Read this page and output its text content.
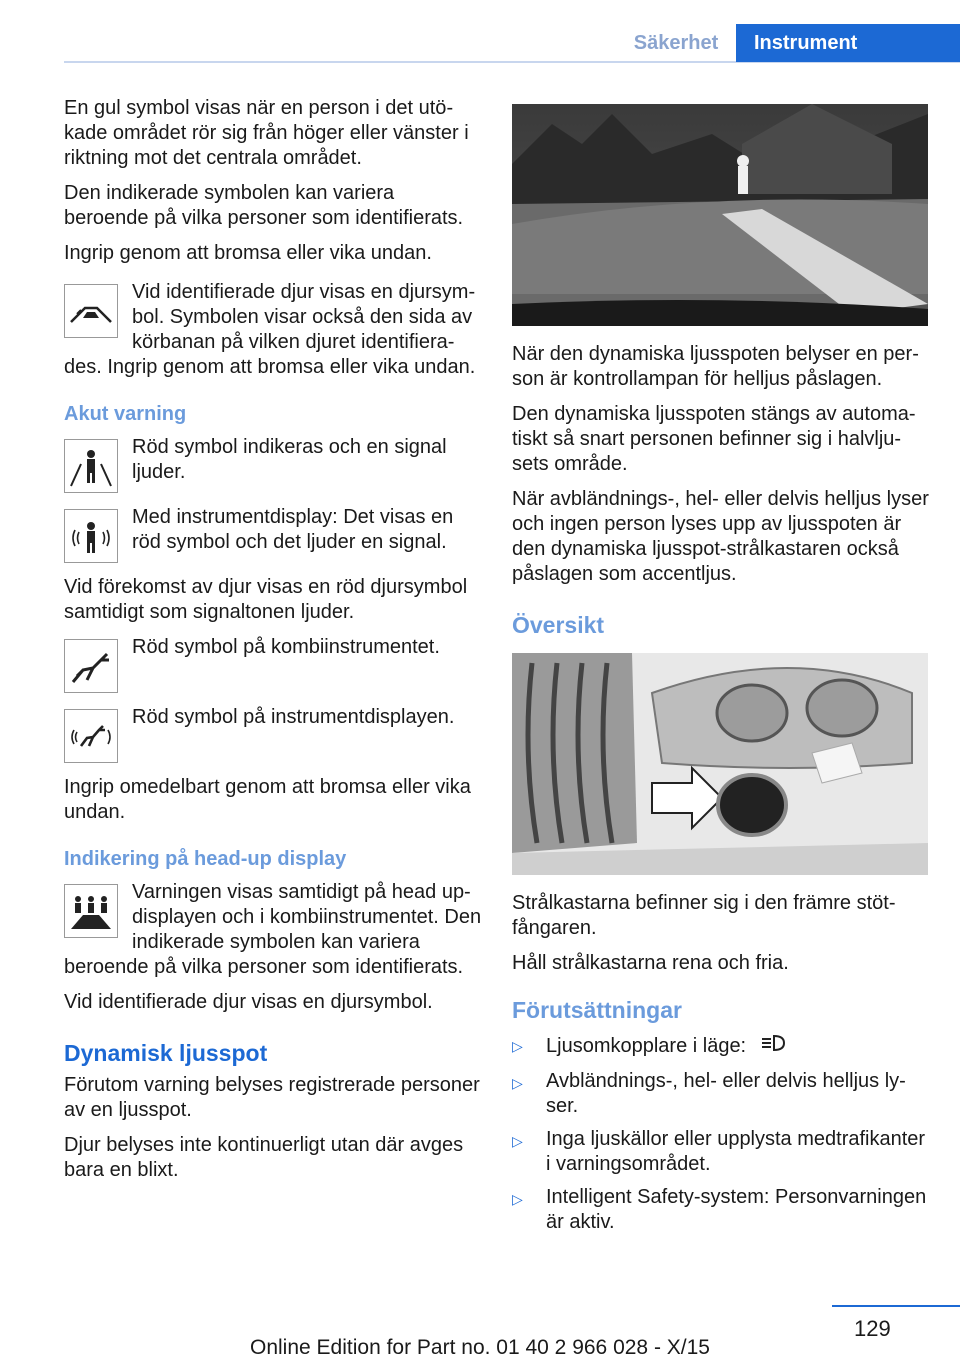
Säkerhet	Instrument

En gul symbol visas när en person i det utökade området rör sig från höger eller vänster i riktning mot det centrala området.

Den indikerade symbolen kan variera beroende på vilka personer som identifierats.

Ingrip genom att bromsa eller vika undan.

Vid identifierade djur visas en djursymbol. Symbolen visar också den sida av körbanan på vilken djuret identifiera des. Ingrip genom att bromsa eller vika undan.
Akut varning
Röd symbol indikeras och en signal ljuder.
Med instrumentdisplay: Det visas en röd symbol och det ljuder en signal.

Vid förekomst av djur visas en röd djursymbol samtidigt som signaltonen ljuder.

Röd symbol på kombiinstrumentet.
Röd symbol på instrumentdisplayen.

Ingrip omedelbart genom att bromsa eller vika undan.

Indikering på head-up display
Varningen visas samtidigt på head up-displayen och i kombiinstrumentet. Den indikerade symbolen kan variera beroende på vilka personer som identifierats.

Vid identifierade djur visas en djursymbol.

Dynamisk ljusspot

Förutom varning belyses registrerade personer av en ljusspot.

Djur belyses inte kontinuerligt utan där avges bara en blixt.

När den dynamiska ljusspoten belyser en person är kontrollampan för helljus påslagen.

Den dynamiska ljusspoten stängs av automatiskt så snart personen befinner sig i halvljusets område.

När avbländnings-, hel- eller delvis helljus lyser och ingen person lyses upp av ljusspoten är den dynamiska ljusspot-strålkastaren också påslagen som accentljus.

Översikt

Strålkastarna befinner sig i den främre stötfångaren.

Håll strålkastarna rena och fria.

Förutsättningar
▷ Ljusomkopplare i läge:
▷ Avbländnings-, hel- eller delvis helljus lyser.
▷ Inga ljuskällor eller upplysta medtrafikanter i varningsområdet.
▷ Intelligent Safety-system: Personvarningen är aktiv.
129
Online Edition for Part no. 01 40 2 966 028 - X/15
